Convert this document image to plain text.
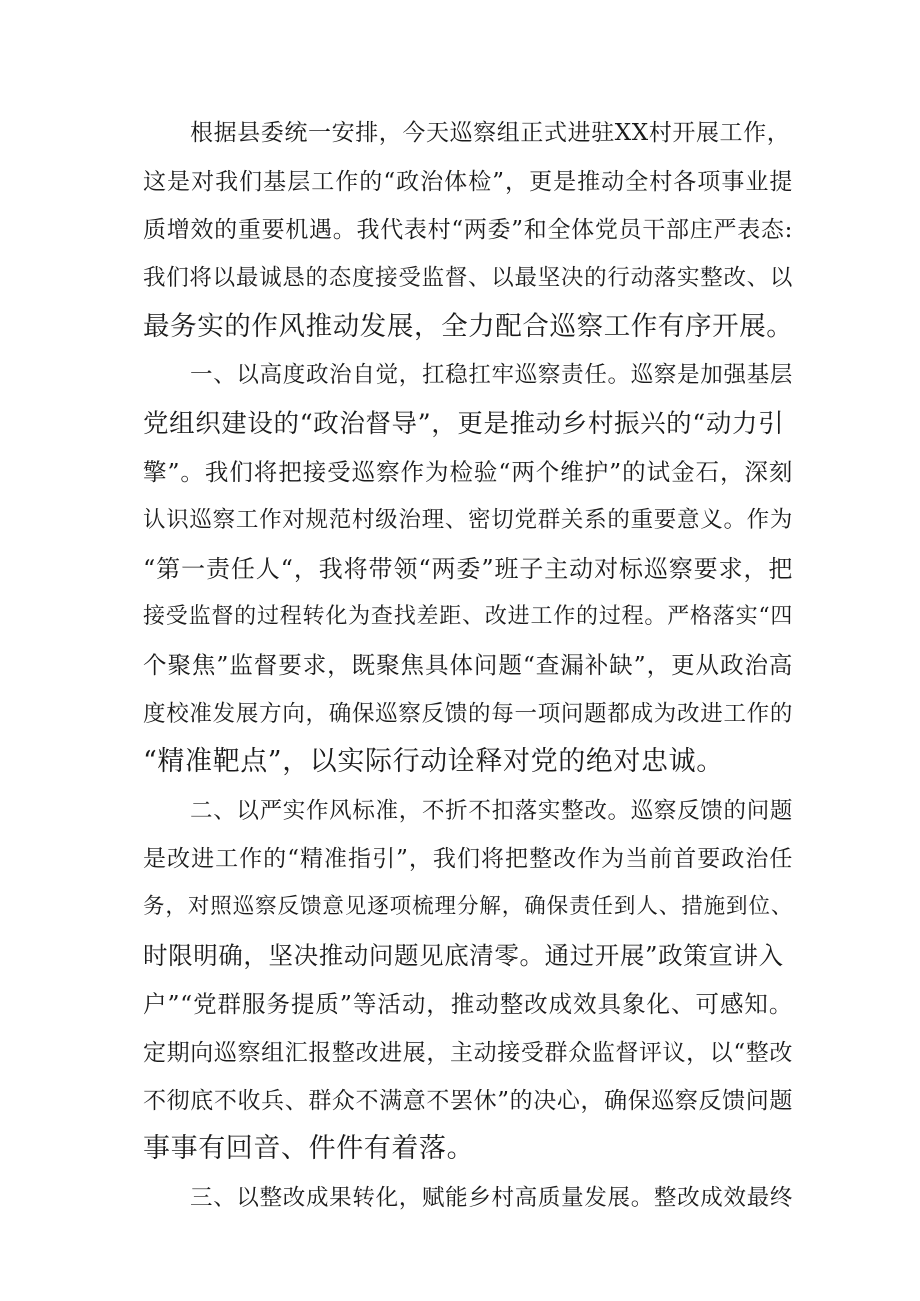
根据县委统一安排，今天巡察组正式进驻XX村开展工作，
这是对我们基层工作的“政治体检”，更是推动全村各项事业提
质增效的重要机遇。我代表村“两委”和全体党员干部庄严表态:
我们将以最诚恳的态度接受监督、以最坚决的行动落实整改、以
最务实的作风推动发展，全力配合巡察工作有序开展。
一、以高度政治自觉，扛稳扛牢巡察责任。巡察是加强基层
党组织建设的“政治督导”，更是推动乡村振兴的“动力引
擎”。我们将把接受巡察作为检验“两个维护”的试金石，深刻
认识巡察工作对规范村级治理、密切党群关系的重要意义。作为
“第一责任人“，我将带领“两委”班子主动对标巡察要求，把
接受监督的过程转化为查找差距、改进工作的过程。严格落实“四
个聚焦”监督要求，既聚焦具体问题“查漏补缺”，更从政治高
度校准发展方向，确保巡察反馈的每一项问题都成为改进工作的
“精准靶点”，以实际行动诠释对党的绝对忠诚。
二、以严实作风标准，不折不扣落实整改。巡察反馈的问题
是改进工作的“精准指引”，我们将把整改作为当前首要政治任
务，对照巡察反馈意见逐项梳理分解，确保责任到人、措施到位、
时限明确，坚决推动问题见底清零。通过开展”政策宣讲入
户”“党群服务提质”等活动，推动整改成效具象化、可感知。
定期向巡察组汇报整改进展，主动接受群众监督评议，以“整改
不彻底不收兵、群众不满意不罢休”的决心，确保巡察反馈问题
事事有回音、件件有着落。
三、以整改成果转化，赋能乡村高质量发展。整改成效最终
